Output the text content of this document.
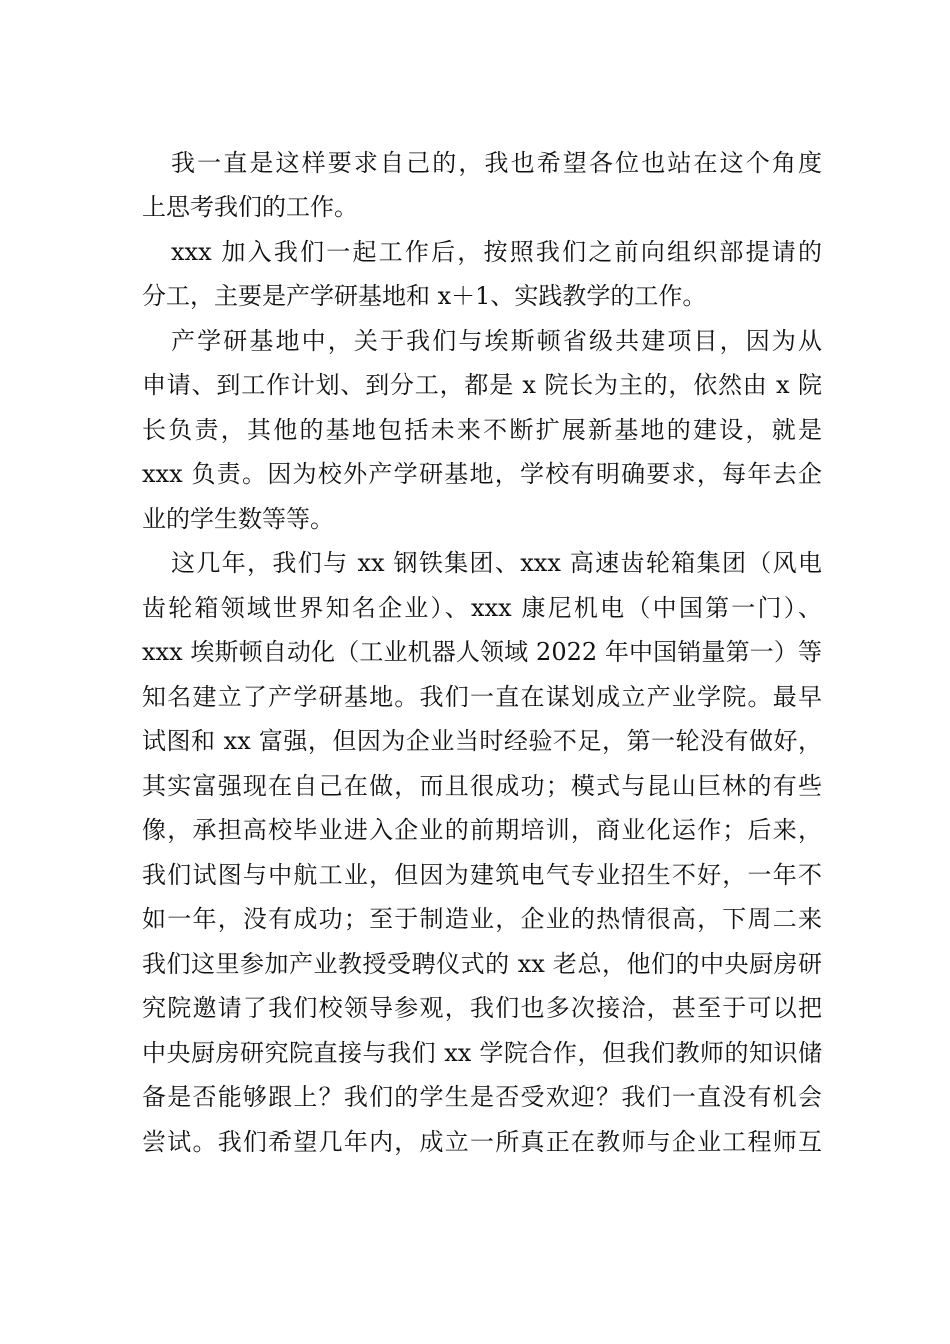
我一直是这样要求自己的，我也希望各位也站在这个角度
上思考我们的工作。
xxx 加入我们一起工作后，按照我们之前向组织部提请的
分工，主要是产学研基地和 x＋1、实践教学的工作。
产学研基地中，关于我们与埃斯顿省级共建项目，因为从
申请、到工作计划、到分工，都是 x 院长为主的，依然由 x 院
长负责，其他的基地包括未来不断扩展新基地的建设，就是
xxx 负责。因为校外产学研基地，学校有明确要求，每年去企
业的学生数等等。
这几年，我们与 xx 钢铁集团、xxx 高速齿轮箱集团（风电
齿轮箱领域世界知名企业）、xxx 康尼机电（中国第一门）、
xxx 埃斯顿自动化（工业机器人领域 2022 年中国销量第一）等
知名建立了产学研基地。我们一直在谋划成立产业学院。最早
试图和 xx 富强，但因为企业当时经验不足，第一轮没有做好，
其实富强现在自己在做，而且很成功；模式与昆山巨林的有些
像，承担高校毕业进入企业的前期培训，商业化运作；后来，
我们试图与中航工业，但因为建筑电气专业招生不好，一年不
如一年，没有成功；至于制造业，企业的热情很高，下周二来
我们这里参加产业教授受聘仪式的 xx 老总，他们的中央厨房研
究院邀请了我们校领导参观，我们也多次接洽，甚至于可以把
中央厨房研究院直接与我们 xx 学院合作，但我们教师的知识储
备是否能够跟上？我们的学生是否受欢迎？我们一直没有机会
尝试。我们希望几年内，成立一所真正在教师与企业工程师互
